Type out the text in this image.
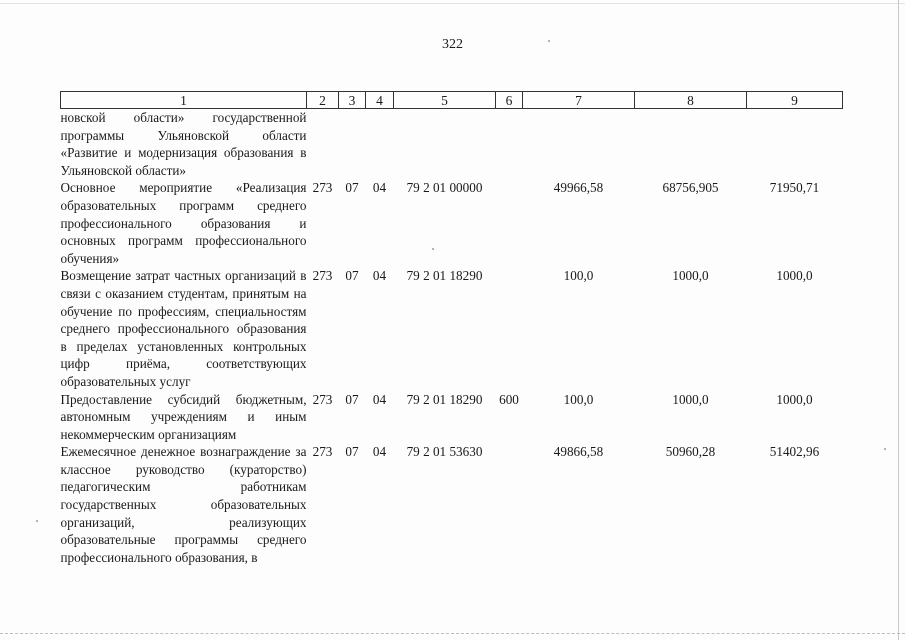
322
1	2	3	4	5	6	7	8	9
новской области» государственной программы Ульяновской области «Развитие и модернизация образования в Ульяновской области»								
Основное мероприятие «Реализация образовательных программ среднего профессионального образования и основных программ профессионального обучения»	273	07	04	79 2 01 00000		49966,58	68756,905	71950,71
Возмещение затрат частных организаций в связи с оказанием студентам, принятым на обучение по профессиям, специальностям среднего профессионального образования в пределах установленных контрольных цифр приёма, соответствующих образовательных услуг	273	07	04	79 2 01 18290		100,0	1000,0	1000,0
Предоставление субсидий бюджетным, автономным учреждениям и иным некоммерческим организациям	273	07	04	79 2 01 18290	600	100,0	1000,0	1000,0
Ежемесячное денежное вознаграждение за классное руководство (кураторство) педагогическим работникам государственных образовательных организаций, реализующих образовательные программы среднего профессионального образования, в	273	07	04	79 2 01 53630		49866,58	50960,28	51402,96
